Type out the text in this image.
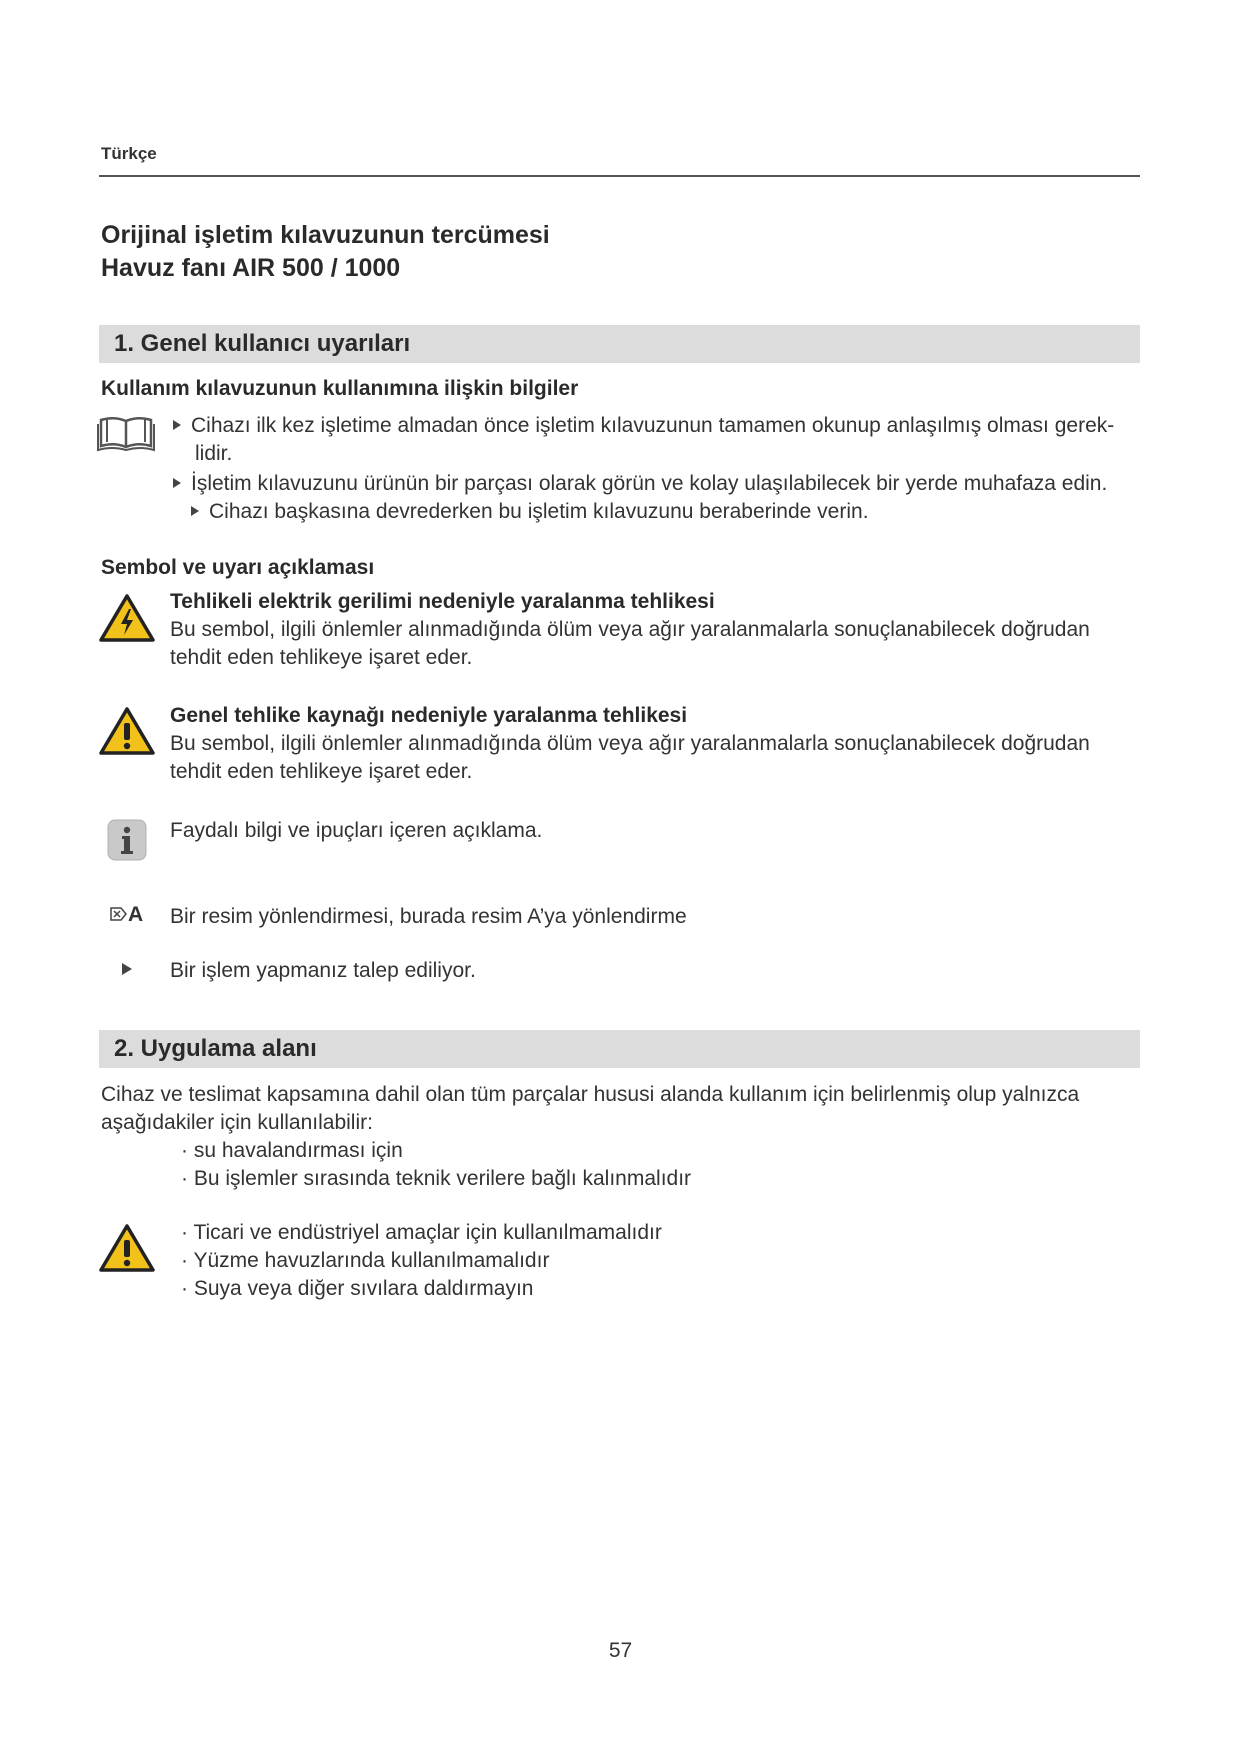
Türkçe
Orijinal işletim kılavuzunun tercümesi
Havuz fanı AIR 500 / 1000
1. Genel kullanıcı uyarıları
Kullanım kılavuzunun kullanımına ilişkin bilgiler
Cihazı ilk kez işletime almadan önce işletim kılavuzunun tamamen okunup anlaşılmış olması gerek-
lidir.
İşletim kılavuzunu ürünün bir parçası olarak görün ve kolay ulaşılabilecek bir yerde muhafaza edin.
Cihazı başkasına devrederken bu işletim kılavuzunu beraberinde verin.
Sembol ve uyarı açıklaması
Tehlikeli elektrik gerilimi nedeniyle yaralanma tehlikesi
Bu sembol, ilgili önlemler alınmadığında ölüm veya ağır yaralanmalarla sonuçlanabilecek doğrudan
tehdit eden tehlikeye işaret eder.
Genel tehlike kaynağı nedeniyle yaralanma tehlikesi
Bu sembol, ilgili önlemler alınmadığında ölüm veya ağır yaralanmalarla sonuçlanabilecek doğrudan
tehdit eden tehlikeye işaret eder.
Faydalı bilgi ve ipuçları içeren açıklama.
A Bir resim yönlendirmesi, burada resim A’ya yönlendirme
Bir işlem yapmanız talep ediliyor.
2. Uygulama alanı
Cihaz ve teslimat kapsamına dahil olan tüm parçalar hususi alanda kullanım için belirlenmiş olup yalnızca
aşağıdakiler için kullanılabilir:
· su havalandırması için
· Bu işlemler sırasında teknik verilere bağlı kalınmalıdır
· Ticari ve endüstriyel amaçlar için kullanılmamalıdır
· Yüzme havuzlarında kullanılmamalıdır
· Suya veya diğer sıvılara daldırmayın
57
